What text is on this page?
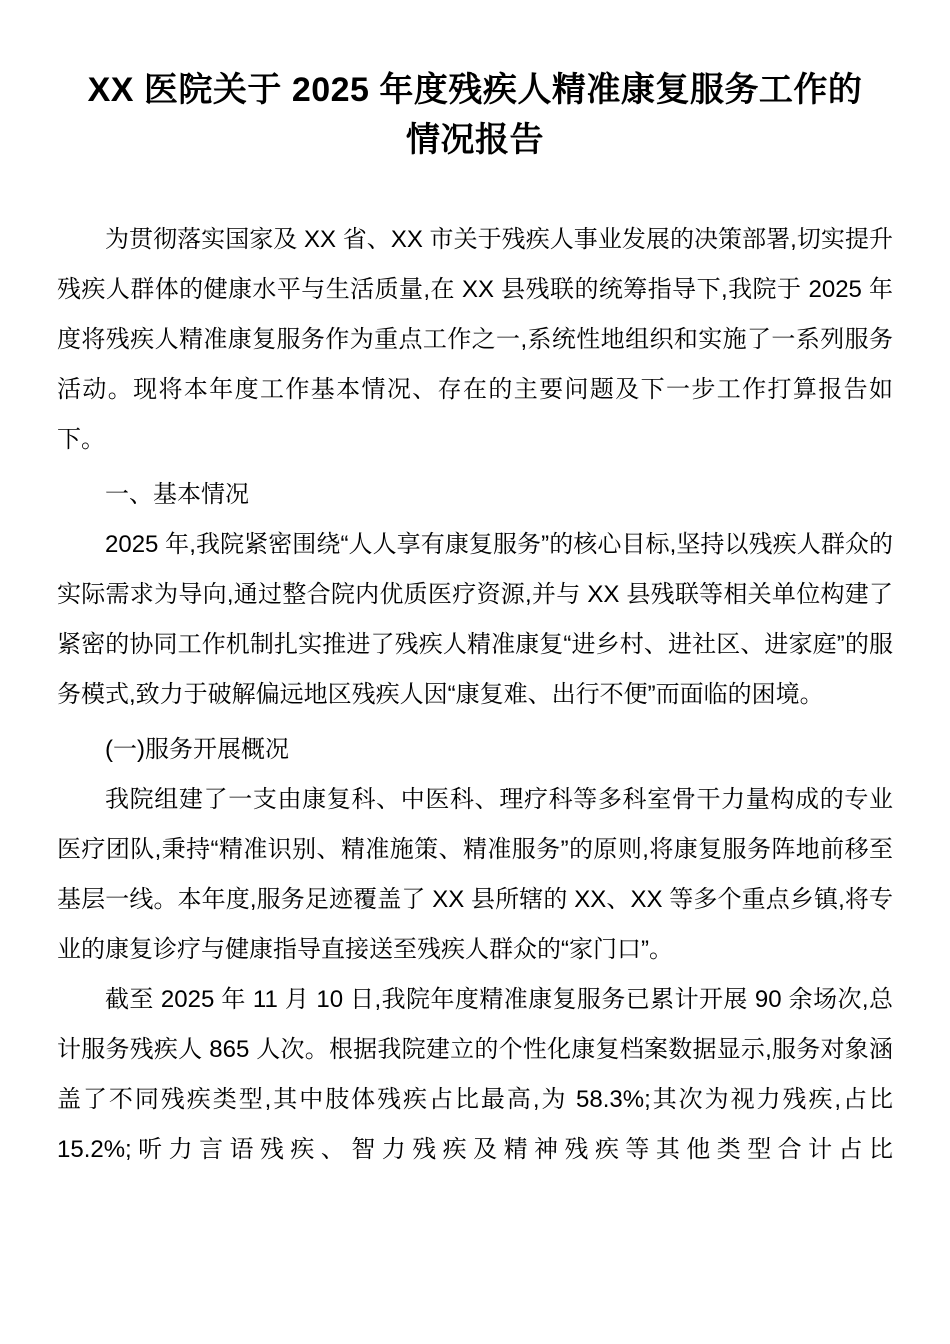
XX 医院关于 2025 年度残疾人精准康复服务工作的情况报告

为贯彻落实国家及 XX 省、XX 市关于残疾人事业发展的决策部署,切实提升残疾人群体的健康水平与生活质量,在 XX 县残联的统筹指导下,我院于 2025 年度将残疾人精准康复服务作为重点工作之一,系统性地组织和实施了一系列服务活动。现将本年度工作基本情况、存在的主要问题及下一步工作打算报告如下。

一、基本情况

2025 年,我院紧密围绕“人人享有康复服务”的核心目标,坚持以残疾人群众的实际需求为导向,通过整合院内优质医疗资源,并与 XX 县残联等相关单位构建了紧密的协同工作机制扎实推进了残疾人精准康复“进乡村、进社区、进家庭”的服务模式,致力于破解偏远地区残疾人因“康复难、出行不便”而面临的困境。

(一)服务开展概况

我院组建了一支由康复科、中医科、理疗科等多科室骨干力量构成的专业医疗团队,秉持“精准识别、精准施策、精准服务”的原则,将康复服务阵地前移至基层一线。本年度,服务足迹覆盖了 XX 县所辖的 XX、XX 等多个重点乡镇,将专业的康复诊疗与健康指导直接送至残疾人群众的“家门口”。

截至 2025 年 11 月 10 日,我院年度精准康复服务已累计开展 90 余场次,总计服务残疾人 865 人次。根据我院建立的个性化康复档案数据显示,服务对象涵盖了不同残疾类型,其中肢体残疾占比最高,为 58.3%;其次为视力残疾,占比 15.2%;听力言语残疾、智力残疾及精神残疾等其他类型合计占比
